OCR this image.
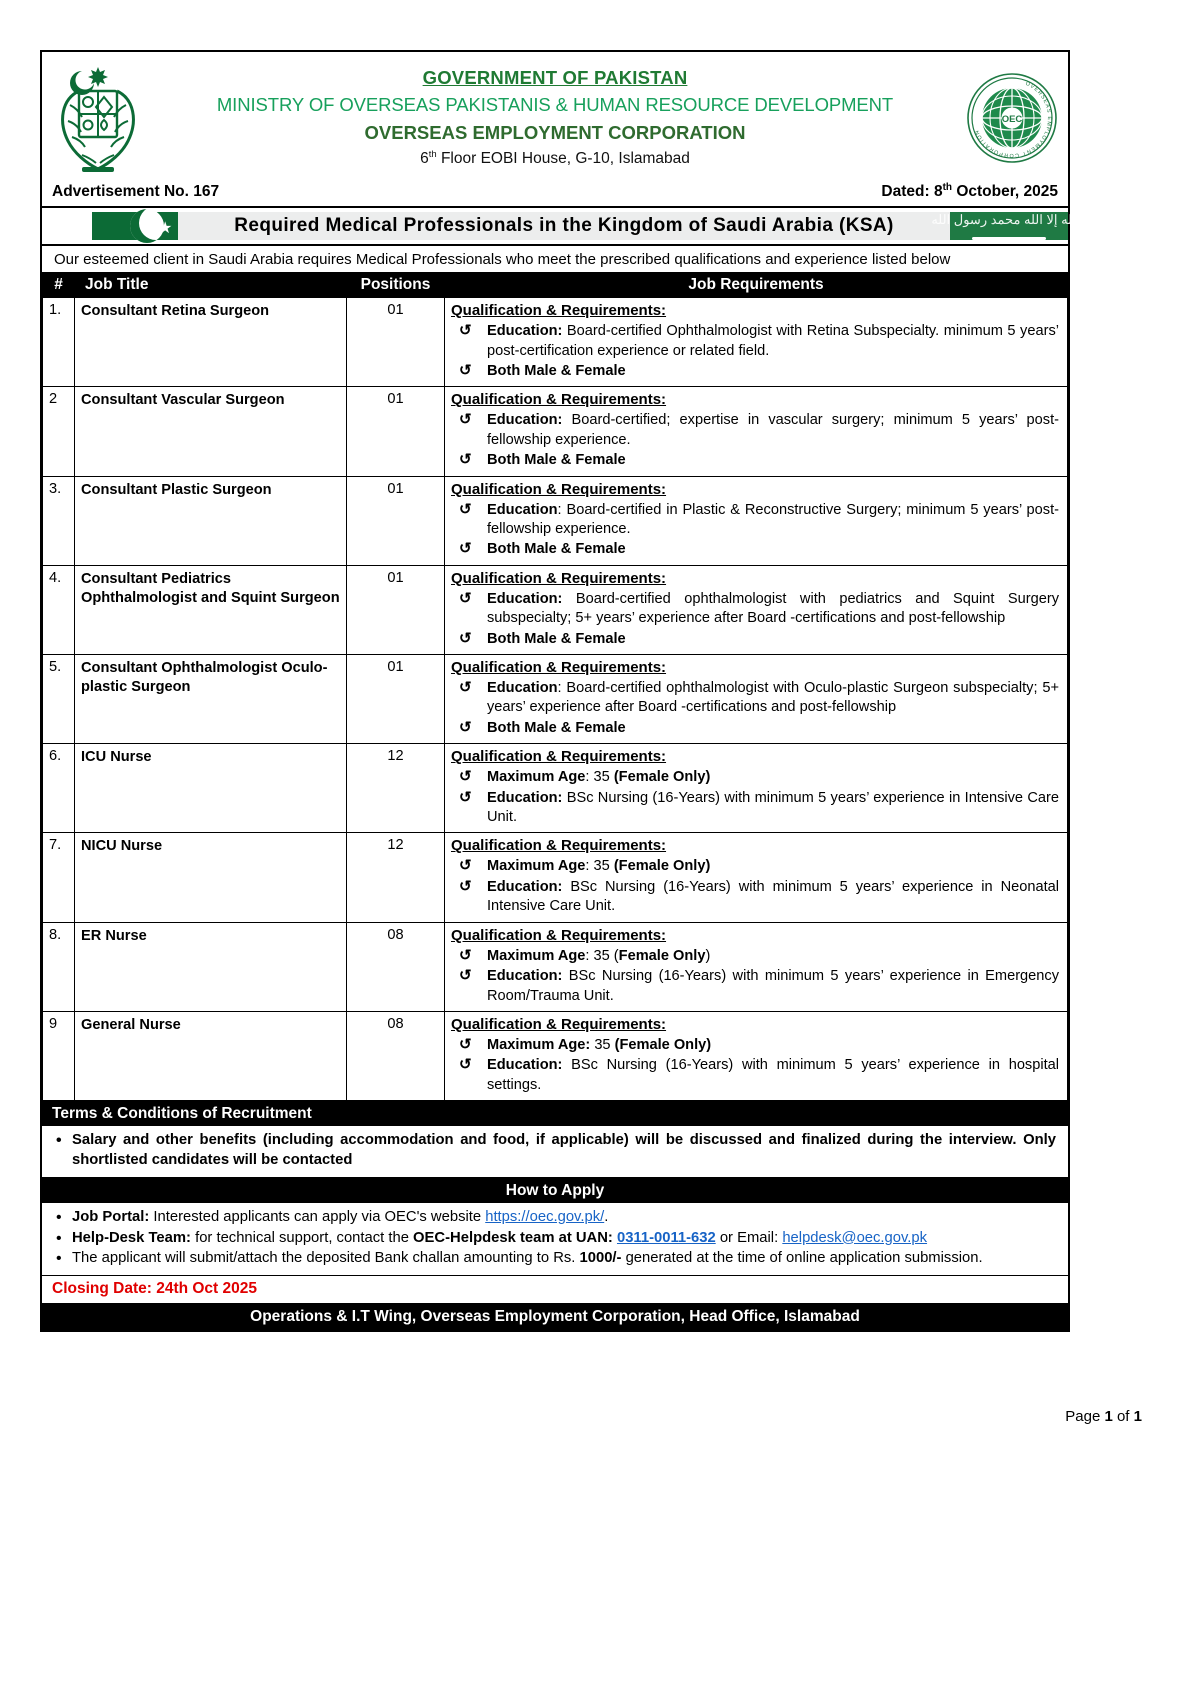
GOVERNMENT OF PAKISTAN
MINISTRY OF OVERSEAS PAKISTANIS & HUMAN RESOURCE DEVELOPMENT
OVERSEAS EMPLOYMENT CORPORATION
6th Floor EOBI House, G-10, Islamabad
OEC
OVERSEAS EMPLOYMENT CORPORATION
Advertisement No. 167	Dated: 8th October, 2025
★	Required Medical Professionals in the Kingdom of Saudi Arabia (KSA)	لا إله إلا الله محمد رسول الله
Our esteemed client in Saudi Arabia requires Medical Professionals who meet the prescribed qualifications and experience listed below
#	Job Title	Positions	Job Requirements
1.	Consultant Retina Surgeon	01	Qualification & Requirements:
↺ Education: Board-certified Ophthalmologist with Retina Subspecialty. minimum 5 years’ post-certification experience or related field.
↺ Both Male & Female

2	Consultant Vascular Surgeon	01	Qualification & Requirements:
↺ Education: Board-certified; expertise in vascular surgery; minimum 5 years’ post-fellowship experience.
↺ Both Male & Female

3.	Consultant Plastic Surgeon	01	Qualification & Requirements:
↺ Education: Board-certified in Plastic & Reconstructive Surgery; minimum 5 years’ post-fellowship experience.
↺ Both Male & Female

4.	Consultant Pediatrics Ophthalmologist and Squint Surgeon	01	Qualification & Requirements:
↺ Education: Board-certified ophthalmologist with pediatrics and Squint Surgery subspecialty; 5+ years’ experience after Board -certifications and post-fellowship
↺ Both Male & Female

5.	Consultant Ophthalmologist Oculo-plastic Surgeon	01	Qualification & Requirements:
↺ Education: Board-certified ophthalmologist with Oculo-plastic Surgeon subspecialty; 5+ years’ experience after Board -certifications and post-fellowship
↺ Both Male & Female

6.	ICU Nurse	12	Qualification & Requirements:
↺ Maximum Age: 35 (Female Only)
↺ Education: BSc Nursing (16-Years) with minimum 5 years’ experience in Intensive Care Unit.

7.	NICU Nurse	12	Qualification & Requirements:
↺ Maximum Age: 35 (Female Only)
↺ Education: BSc Nursing (16-Years) with minimum 5 years’ experience in Neonatal Intensive Care Unit.

8.	ER Nurse	08	Qualification & Requirements:
↺ Maximum Age: 35 (Female Only)
↺ Education: BSc Nursing (16-Years) with minimum 5 years’ experience in Emergency Room/Trauma Unit.

9	General Nurse	08	Qualification & Requirements:
↺ Maximum Age: 35 (Female Only)
↺ Education: BSc Nursing (16-Years) with minimum 5 years’ experience in hospital settings.
Terms & Conditions of Recruitment
• Salary and other benefits (including accommodation and food, if applicable) will be discussed and finalized during the interview. Only shortlisted candidates will be contacted
How to Apply
• Job Portal: Interested applicants can apply via OEC's website https://oec.gov.pk/.
• Help-Desk Team: for technical support, contact the OEC-Helpdesk team at UAN: 0311-0011-632 or Email: helpdesk@oec.gov.pk
• The applicant will submit/attach the deposited Bank challan amounting to Rs. 1000/- generated at the time of online application submission.
Closing Date: 24th Oct 2025
Operations & I.T Wing, Overseas Employment Corporation, Head Office, Islamabad
Page 1 of 1
